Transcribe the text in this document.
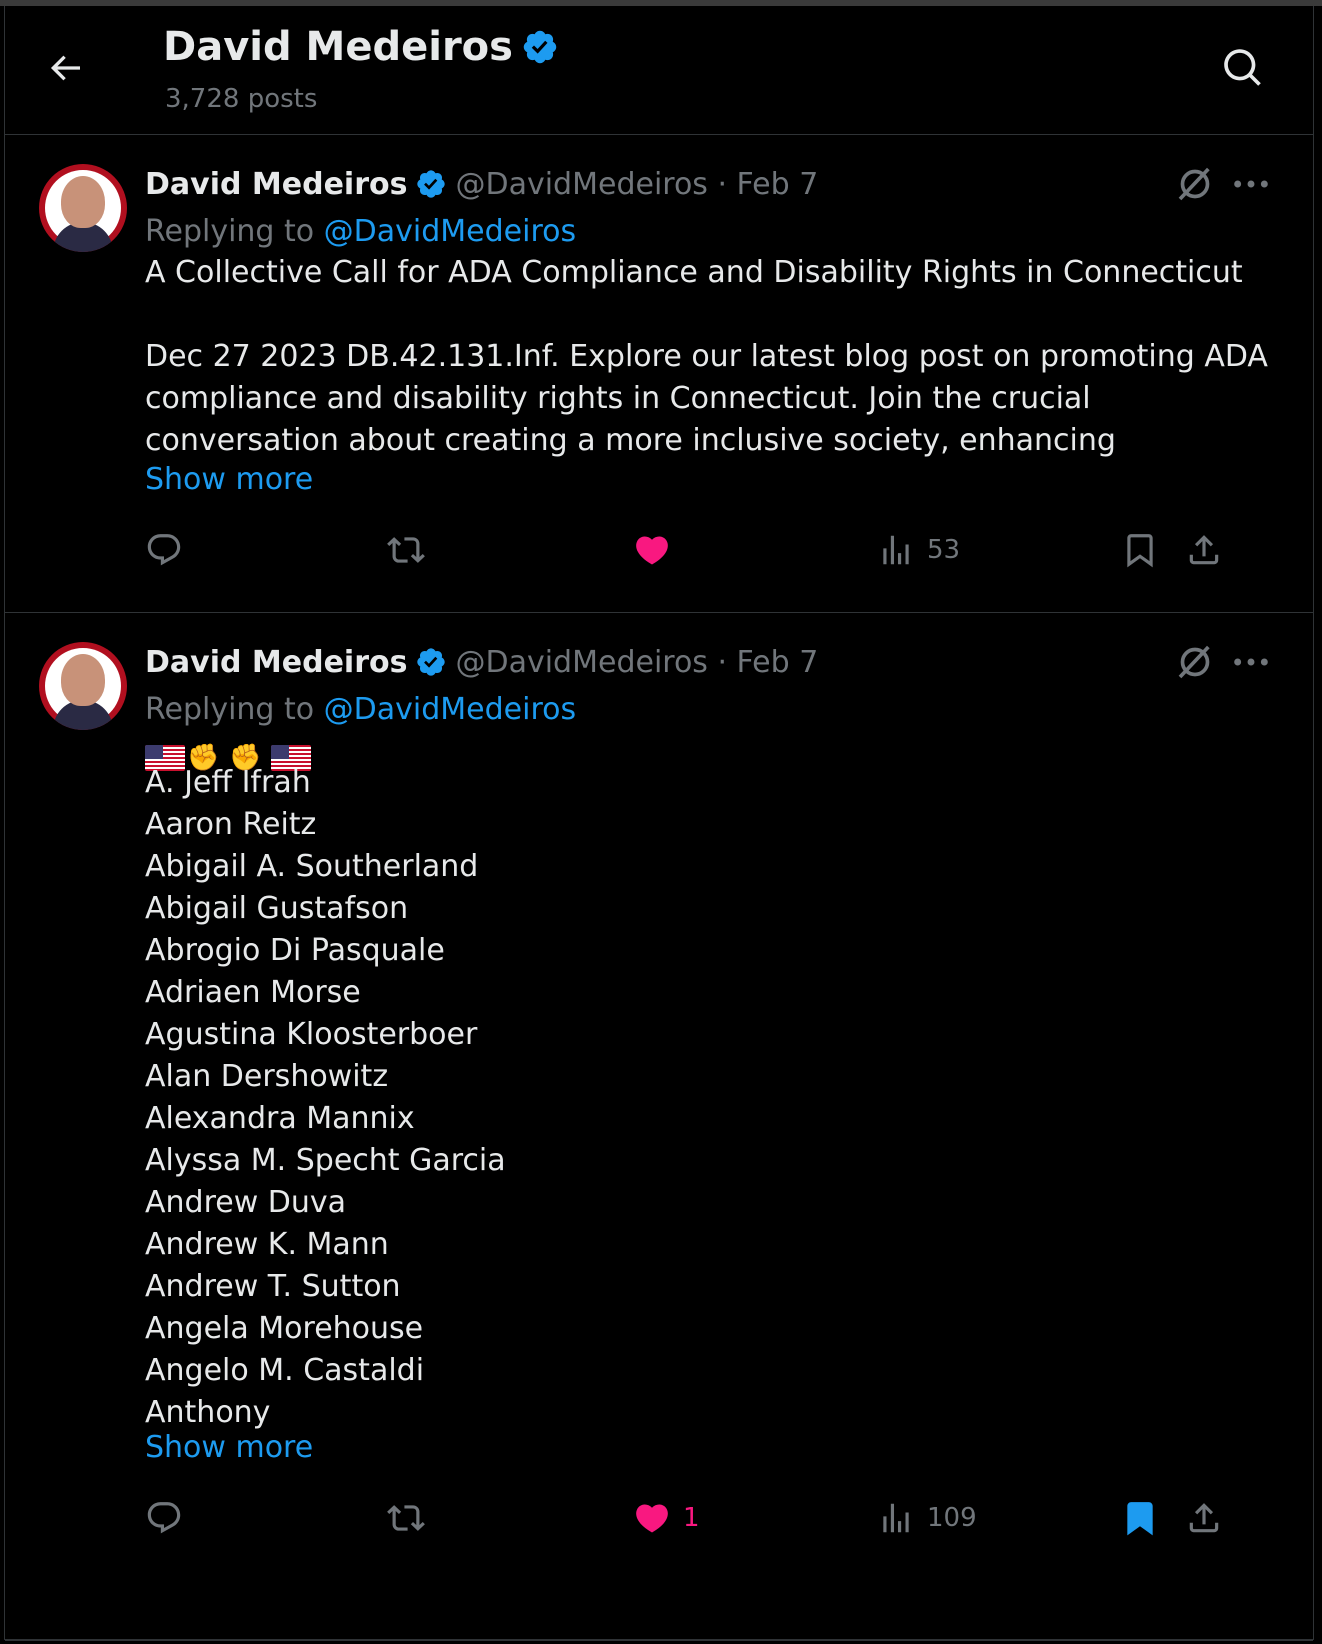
David Medeiros
3,728 posts
David Medeiros @DavidMedeiros · Feb 7
Replying to @DavidMedeiros
A Collective Call for ADA Compliance and Disability Rights in Connecticut

Dec 27 2023 DB.42.131.Inf. Explore our latest blog post on promoting ADA compliance and disability rights in Connecticut. Join the crucial conversation about creating a more inclusive society, enhancing
Show more
53
David Medeiros @DavidMedeiros · Feb 7
Replying to @DavidMedeiros
✊ ✊
A. Jeff Ifrah
Aaron Reitz
Abigail A. Southerland
Abigail Gustafson
Abrogio Di Pasquale
Adriaen Morse
Agustina Kloosterboer
Alan Dershowitz
Alexandra Mannix
Alyssa M. Specht Garcia
Andrew Duva
Andrew K. Mann
Andrew T. Sutton
Angela Morehouse
Angelo M. Castaldi
Anthony
Show more
1	109
